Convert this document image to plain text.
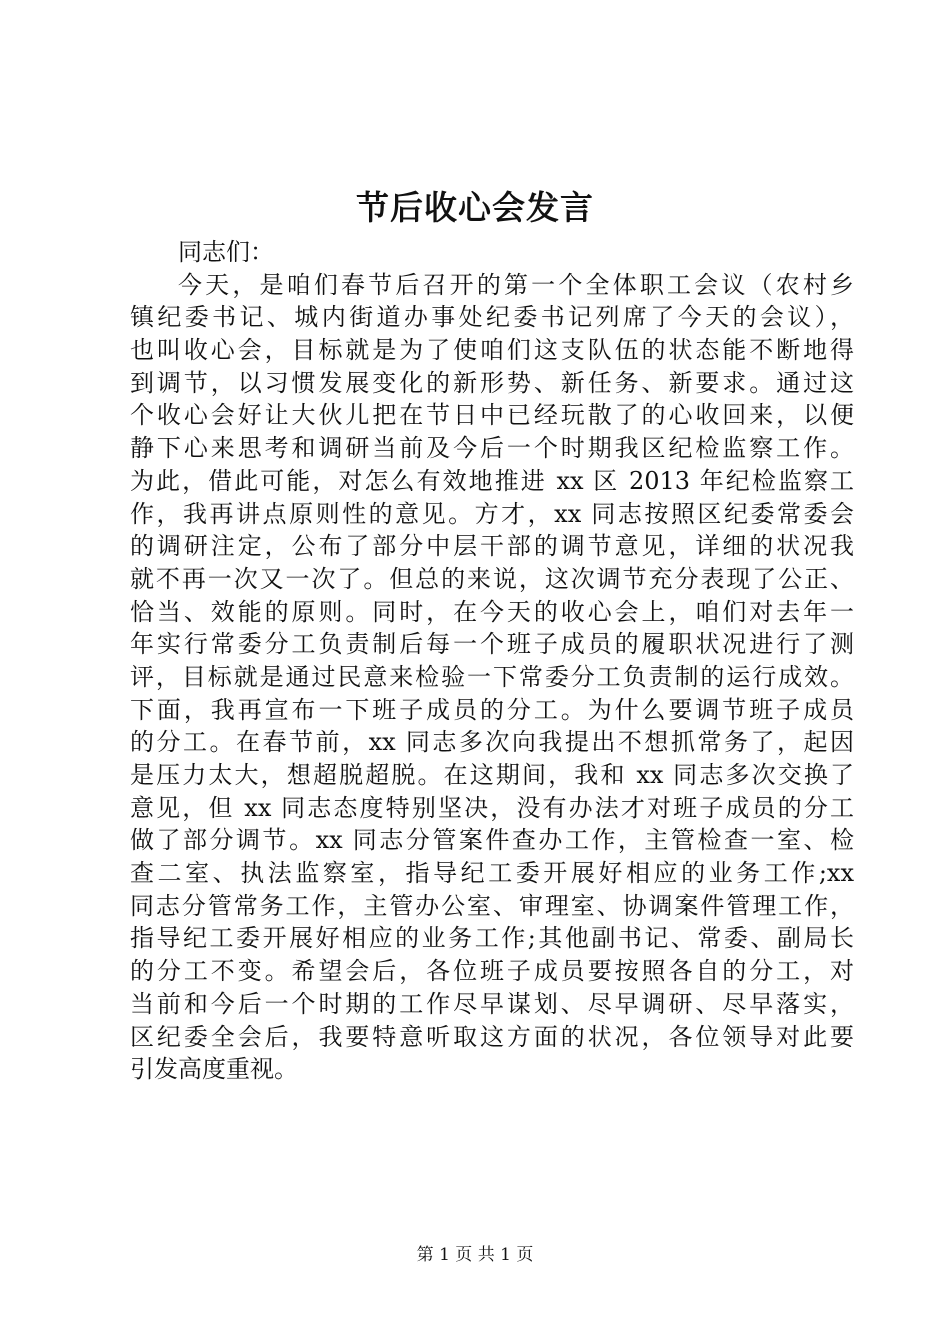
节后收心会发言
同志们：
今天，是咱们春节后召开的第一个全体职工会议（农村乡
镇纪委书记、城内街道办事处纪委书记列席了今天的会议），
也叫收心会，目标就是为了使咱们这支队伍的状态能不断地得
到调节，以习惯发展变化的新形势、新任务、新要求。通过这
个收心会好让大伙儿把在节日中已经玩散了的心收回来，以便
静下心来思考和调研当前及今后一个时期我区纪检监察工作。
为此，借此可能，对怎么有效地推进 xx 区 2013 年纪检监察工
作，我再讲点原则性的意见。方才，xx 同志按照区纪委常委会
的调研注定，公布了部分中层干部的调节意见，详细的状况我
就不再一次又一次了。但总的来说，这次调节充分表现了公正、
恰当、效能的原则。同时，在今天的收心会上，咱们对去年一
年实行常委分工负责制后每一个班子成员的履职状况进行了测
评，目标就是通过民意来检验一下常委分工负责制的运行成效。
下面，我再宣布一下班子成员的分工。为什么要调节班子成员
的分工。在春节前，xx 同志多次向我提出不想抓常务了，起因
是压力太大，想超脱超脱。在这期间，我和 xx 同志多次交换了
意见，但 xx 同志态度特别坚决，没有办法才对班子成员的分工
做了部分调节。xx 同志分管案件查办工作，主管检查一室、检
查二室、执法监察室，指导纪工委开展好相应的业务工作;xx
同志分管常务工作，主管办公室、审理室、协调案件管理工作，
指导纪工委开展好相应的业务工作;其他副书记、常委、副局长
的分工不变。希望会后，各位班子成员要按照各自的分工，对
当前和今后一个时期的工作尽早谋划、尽早调研、尽早落实，
区纪委全会后，我要特意听取这方面的状况，各位领导对此要
引发高度重视。
第 1 页 共 1 页
